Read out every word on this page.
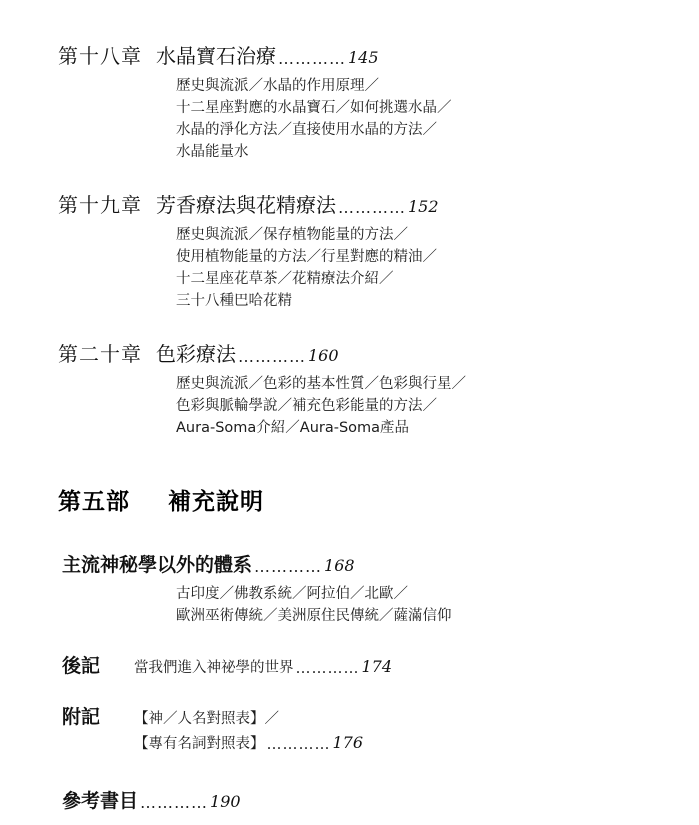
第十八章 水晶寶石治療 ………… 145
歷史與流派／水晶的作用原理／
十二星座對應的水晶寶石／如何挑選水晶／
水晶的淨化方法／直接使用水晶的方法／
水晶能量水
第十九章 芳香療法與花精療法 ………… 152
歷史與流派／保存植物能量的方法／
使用植物能量的方法／行星對應的精油／
十二星座花草茶／花精療法介紹／
三十八種巴哈花精
第二十章 色彩療法 ………… 160
歷史與流派／色彩的基本性質／色彩與行星／
色彩與脈輪學說／補充色彩能量的方法／
Aura-Soma介紹／Aura-Soma產品
第五部 補充說明
主流神秘學以外的體系 ………… 168
古印度／佛教系統／阿拉伯／北歐／
歐洲巫術傳統／美洲原住民傳統／薩滿信仰
後記	當我們進入神祕學的世界 ………… 174
附記	【神／人名對照表】／
【專有名詞對照表】 ………… 176
參考書目 ………… 190
